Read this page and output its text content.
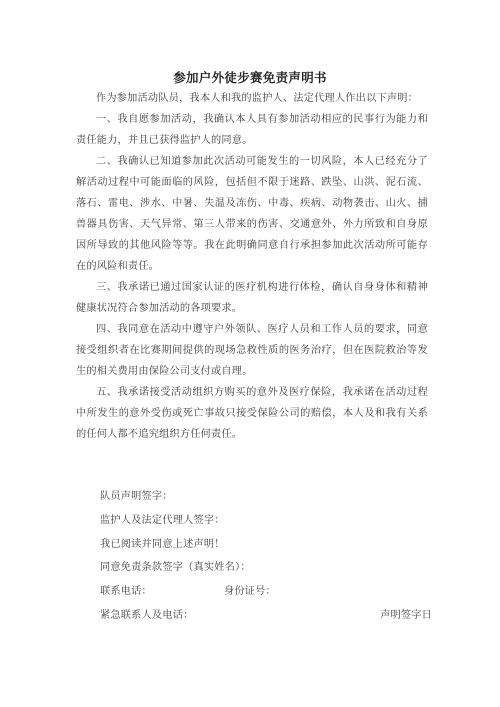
参加户外徒步赛免责声明书

作为参加活动队员，我本人和我的监护人、法定代理人作出以下声明：

一、我自愿参加活动，我确认本人具有参加活动相应的民事行为能力和责任能力，并且已获得监护人的同意。

二、我确认已知道参加此次活动可能发生的一切风险，本人已经充分了解活动过程中可能面临的风险，包括但不限于迷路、跌坠、山洪、泥石流、落石、雷电、涉水、中暑、失温及冻伤、中毒、疾病、动物袭击、山火、捕兽器具伤害、天气异常、第三人带来的伤害、交通意外、外力所致和自身原因所导致的其他风险等等。我在此明确同意自行承担参加此次活动所可能存在的风险和责任。

三、我承诺已通过国家认证的医疗机构进行体检，确认自身身体和精神健康状况符合参加活动的各项要求。

四、我同意在活动中遵守户外领队、医疗人员和工作人员的要求，同意接受组织者在比赛期间提供的现场急救性质的医务治疗，但在医院救治等发生的相关费用由保险公司支付或自理。

五、我承诺接受活动组织方购买的意外及医疗保险，我承诺在活动过程中所发生的意外受伤或死亡事故只接受保险公司的赔偿，本人及和我有关系的任何人都不追究组织方任何责任。

队员声明签字：

监护人及法定代理人签字：

我已阅读并同意上述声明！

同意免责条款签字（真实姓名）：

联系电话：	身份证号：

紧急联系人及电话：	声明签字日
